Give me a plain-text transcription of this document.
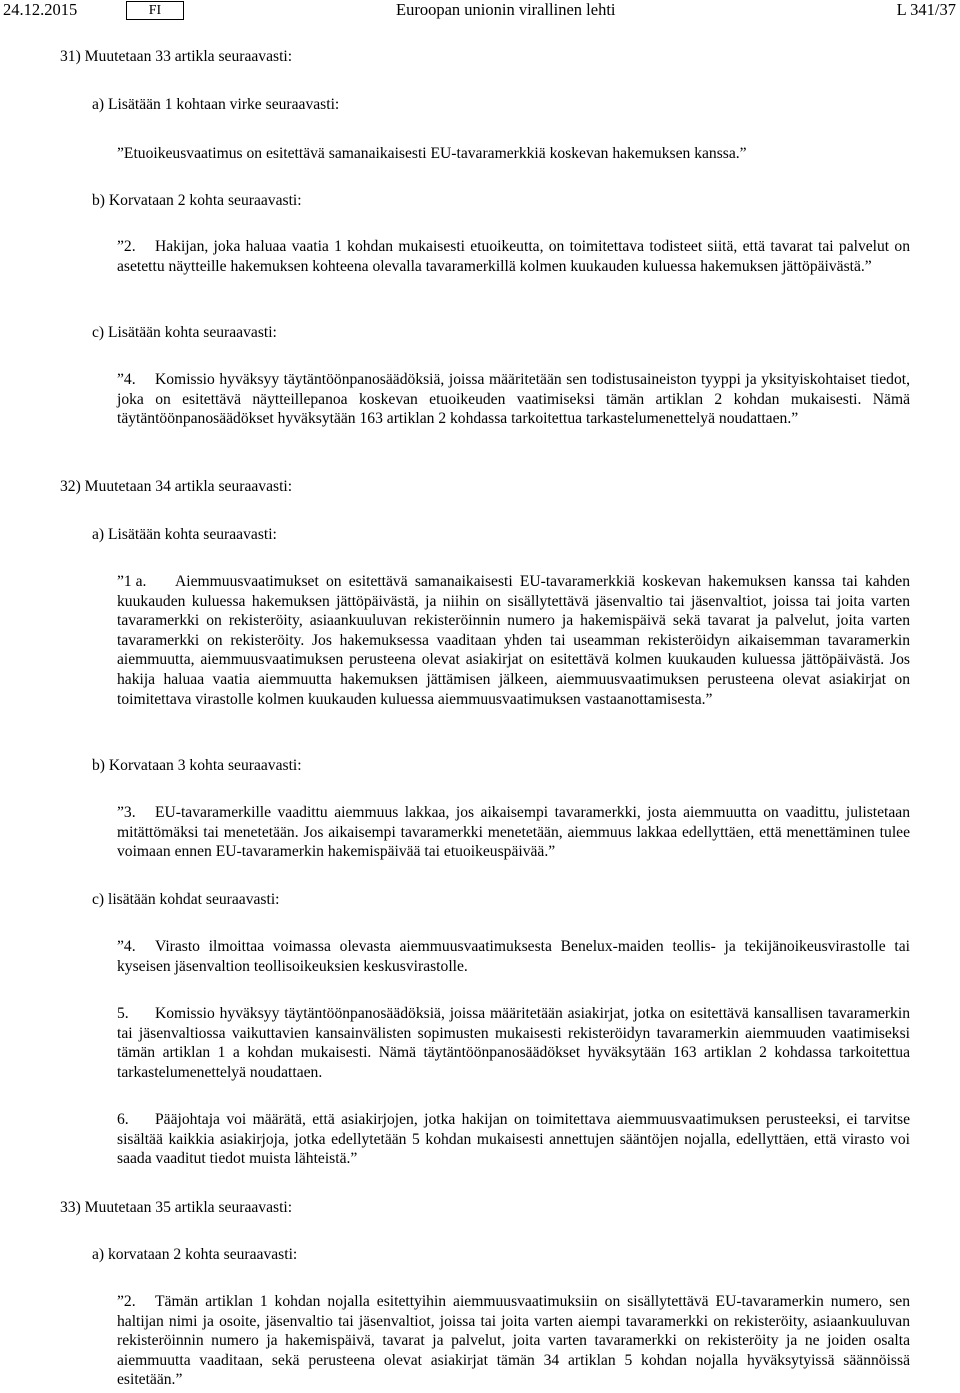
24.12.2015	FI	Euroopan unionin virallinen lehti	L 341/37
31) Muutetaan 33 artikla seuraavasti:
a) Lisätään 1 kohtaan virke seuraavasti:
”Etuoikeusvaatimus on esitettävä samanaikaisesti EU-tavaramerkkiä koskevan hakemuksen kanssa.”
b) Korvataan 2 kohta seuraavasti:
”2. Hakijan, joka haluaa vaatia 1 kohdan mukaisesti etuoikeutta, on toimitettava todisteet siitä, että tavarat tai palvelut on asetettu näytteille hakemuksen kohteena olevalla tavaramerkillä kolmen kuukauden kuluessa hakemuksen jättöpäivästä.”
c) Lisätään kohta seuraavasti:
”4. Komissio hyväksyy täytäntöönpanosäädöksiä, joissa määritetään sen todistusaineiston tyyppi ja yksityiskohtaiset tiedot, joka on esitettävä näytteillepanoa koskevan etuoikeuden vaatimiseksi tämän artiklan 2 kohdan mukaisesti. Nämä täytäntöönpanosäädökset hyväksytään 163 artiklan 2 kohdassa tarkoitettua tarkastelumenettelyä noudattaen.”
32) Muutetaan 34 artikla seuraavasti:
a) Lisätään kohta seuraavasti:
”1 a. Aiemmuusvaatimukset on esitettävä samanaikaisesti EU-tavaramerkkiä koskevan hakemuksen kanssa tai kahden kuukauden kuluessa hakemuksen jättöpäivästä, ja niihin on sisällytettävä jäsenvaltio tai jäsenvaltiot, joissa tai joita varten tavaramerkki on rekisteröity, asiaankuuluvan rekisteröinnin numero ja hakemispäivä sekä tavarat ja palvelut, joita varten tavaramerkki on rekisteröity. Jos hakemuksessa vaaditaan yhden tai useamman rekisteröidyn aikaisemman tavaramerkin aiemmuutta, aiemmuusvaatimuksen perusteena olevat asiakirjat on esitettävä kolmen kuukauden kuluessa jättöpäivästä. Jos hakija haluaa vaatia aiemmuutta hakemuksen jättämisen jälkeen, aiemmuusvaatimuksen perusteena olevat asiakirjat on toimitettava virastolle kolmen kuukauden kuluessa aiemmuusvaatimuksen vastaanottamisesta.”
b) Korvataan 3 kohta seuraavasti:
”3. EU-tavaramerkille vaadittu aiemmuus lakkaa, jos aikaisempi tavaramerkki, josta aiemmuutta on vaadittu, julistetaan mitättömäksi tai menetetään. Jos aikaisempi tavaramerkki menetetään, aiemmuus lakkaa edellyttäen, että menettäminen tulee voimaan ennen EU-tavaramerkin hakemispäivää tai etuoikeuspäivää.”
c) lisätään kohdat seuraavasti:
”4. Virasto ilmoittaa voimassa olevasta aiemmuusvaatimuksesta Benelux-maiden teollis- ja tekijänoikeusvirastolle tai kyseisen jäsenvaltion teollisoikeuksien keskusvirastolle.
5. Komissio hyväksyy täytäntöönpanosäädöksiä, joissa määritetään asiakirjat, jotka on esitettävä kansallisen tavaramerkin tai jäsenvaltiossa vaikuttavien kansainvälisten sopimusten mukaisesti rekisteröidyn tavaramerkin aiemmuuden vaatimiseksi tämän artiklan 1 a kohdan mukaisesti. Nämä täytäntöönpanosäädökset hyväksytään 163 artiklan 2 kohdassa tarkoitettua tarkastelumenettelyä noudattaen.
6. Pääjohtaja voi määrätä, että asiakirjojen, jotka hakijan on toimitettava aiemmuusvaatimuksen perusteeksi, ei tarvitse sisältää kaikkia asiakirjoja, jotka edellytetään 5 kohdan mukaisesti annettujen sääntöjen nojalla, edellyttäen, että virasto voi saada vaaditut tiedot muista lähteistä.”
33) Muutetaan 35 artikla seuraavasti:
a) korvataan 2 kohta seuraavasti:
”2. Tämän artiklan 1 kohdan nojalla esitettyihin aiemmuusvaatimuksiin on sisällytettävä EU-tavaramerkin numero, sen haltijan nimi ja osoite, jäsenvaltio tai jäsenvaltiot, joissa tai joita varten aiempi tavaramerkki on rekisteröity, asiaankuuluvan rekisteröinnin numero ja hakemispäivä, tavarat ja palvelut, joita varten tavaramerkki on rekisteröity ja ne joiden osalta aiemmuutta vaaditaan, sekä perusteena olevat asiakirjat tämän 34 artiklan 5 kohdan nojalla hyväksytyissä säännöissä esitetään.”
